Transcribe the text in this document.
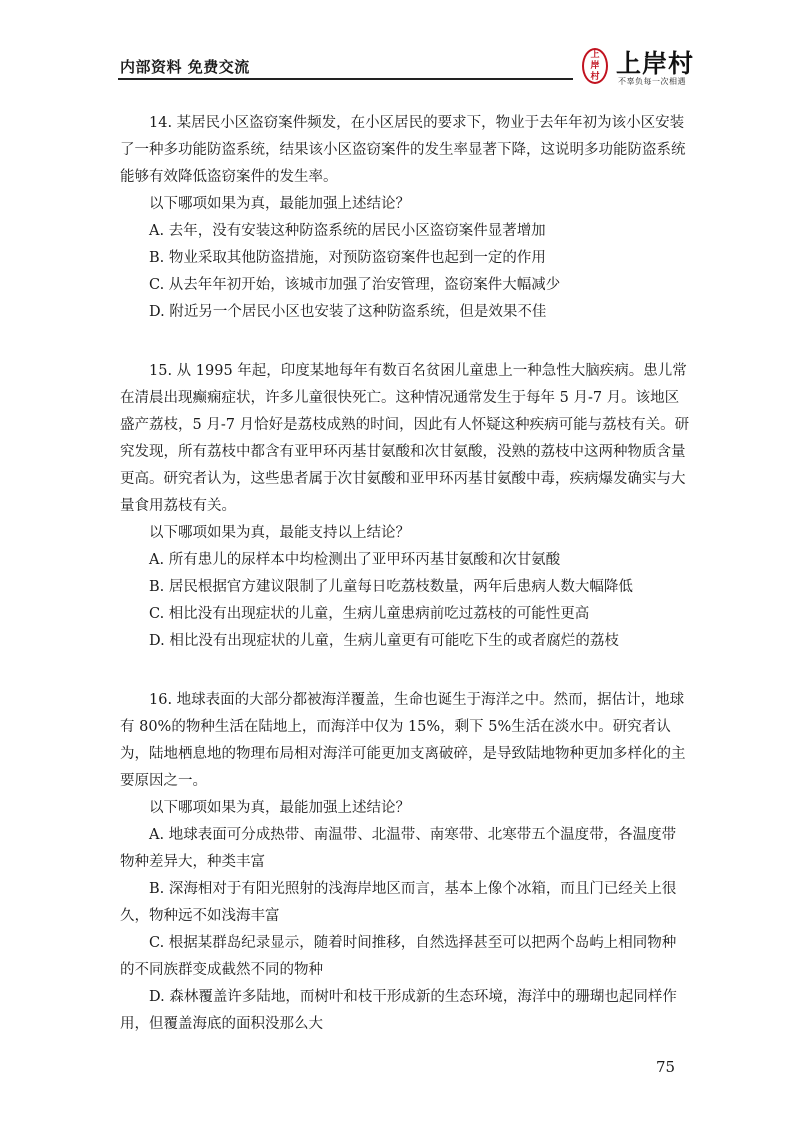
内部资料 免费交流
上
岸
村 上岸村
不辜负每一次相遇

14. 某居民小区盗窃案件频发，在小区居民的要求下，物业于去年年初为该小区安装了一种多功能防盗系统，结果该小区盗窃案件的发生率显著下降，这说明多功能防盗系统能够有效降低盗窃案件的发生率。

以下哪项如果为真，最能加强上述结论？

A. 去年，没有安装这种防盗系统的居民小区盗窃案件显著增加

B. 物业采取其他防盗措施，对预防盗窃案件也起到一定的作用

C. 从去年年初开始，该城市加强了治安管理，盗窃案件大幅减少

D. 附近另一个居民小区也安装了这种防盗系统，但是效果不佳

15. 从 1995 年起，印度某地每年有数百名贫困儿童患上一种急性大脑疾病。患儿常在清晨出现癫痫症状，许多儿童很快死亡。这种情况通常发生于每年 5 月-7 月。该地区盛产荔枝，5 月-7 月恰好是荔枝成熟的时间，因此有人怀疑这种疾病可能与荔枝有关。研究发现，所有荔枝中都含有亚甲环丙基甘氨酸和次甘氨酸，没熟的荔枝中这两种物质含量更高。研究者认为，这些患者属于次甘氨酸和亚甲环丙基甘氨酸中毒，疾病爆发确实与大量食用荔枝有关。

以下哪项如果为真，最能支持以上结论？

A. 所有患儿的尿样本中均检测出了亚甲环丙基甘氨酸和次甘氨酸

B. 居民根据官方建议限制了儿童每日吃荔枝数量，两年后患病人数大幅降低

C. 相比没有出现症状的儿童，生病儿童患病前吃过荔枝的可能性更高

D. 相比没有出现症状的儿童，生病儿童更有可能吃下生的或者腐烂的荔枝

16. 地球表面的大部分都被海洋覆盖，生命也诞生于海洋之中。然而，据估计，地球有 80%的物种生活在陆地上，而海洋中仅为 15%，剩下 5%生活在淡水中。研究者认为，陆地栖息地的物理布局相对海洋可能更加支离破碎，是导致陆地物种更加多样化的主要原因之一。

以下哪项如果为真，最能加强上述结论？

A. 地球表面可分成热带、南温带、北温带、南寒带、北寒带五个温度带，各温度带物种差异大，种类丰富

B. 深海相对于有阳光照射的浅海岸地区而言，基本上像个冰箱，而且门已经关上很久，物种远不如浅海丰富

C. 根据某群岛纪录显示，随着时间推移，自然选择甚至可以把两个岛屿上相同物种的不同族群变成截然不同的物种

D. 森林覆盖许多陆地，而树叶和枝干形成新的生态环境，海洋中的珊瑚也起同样作用，但覆盖海底的面积没那么大

75
